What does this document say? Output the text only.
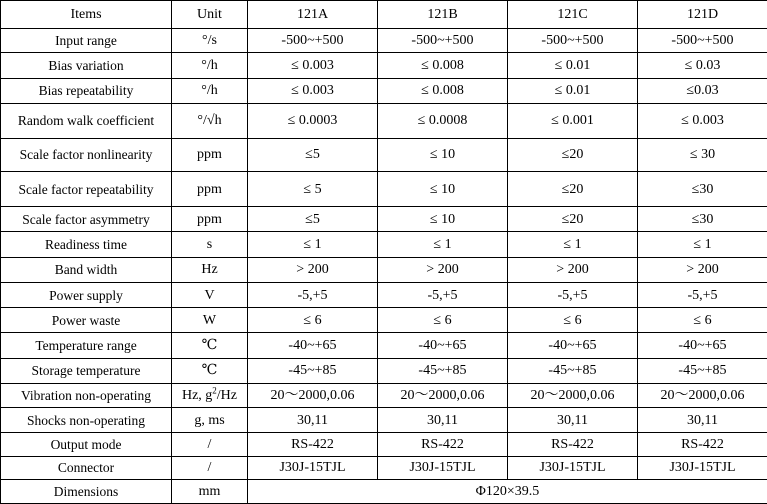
Items	Unit	121A	121B	121C	121D
Input range	°/s	-500~+500	-500~+500	-500~+500	-500~+500
Bias variation	°/h	≤ 0.003	≤ 0.008	≤ 0.01	≤ 0.03
Bias repeatability	°/h	≤ 0.003	≤ 0.008	≤ 0.01	≤0.03
Random walk coefficient	°/√h	≤ 0.0003	≤ 0.0008	≤ 0.001	≤ 0.003
Scale factor nonlinearity	ppm	≤5	≤ 10	≤20	≤ 30
Scale factor repeatability	ppm	≤ 5	≤ 10	≤20	≤30
Scale factor asymmetry	ppm	≤5	≤ 10	≤20	≤30
Readiness time	s	≤ 1	≤ 1	≤ 1	≤ 1
Band width	Hz	> 200	> 200	> 200	> 200
Power supply	V	-5,+5	-5,+5	-5,+5	-5,+5
Power waste	W	≤ 6	≤ 6	≤ 6	≤ 6
Temperature range	℃	-40~+65	-40~+65	-40~+65	-40~+65
Storage temperature	℃	-45~+85	-45~+85	-45~+85	-45~+85
Vibration non-operating	Hz, $g^2/Hz$	20～2000,0.06	20～2000,0.06	20～2000,0.06	20～2000,0.06
Shocks non-operating	g, ms	30,11	30,11	30,11	30,11
Output mode	/	RS-422	RS-422	RS-422	RS-422
Connector	/	J30J-15TJL	J30J-15TJL	J30J-15TJL	J30J-15TJL
Dimensions	mm	Φ120×39.5			
